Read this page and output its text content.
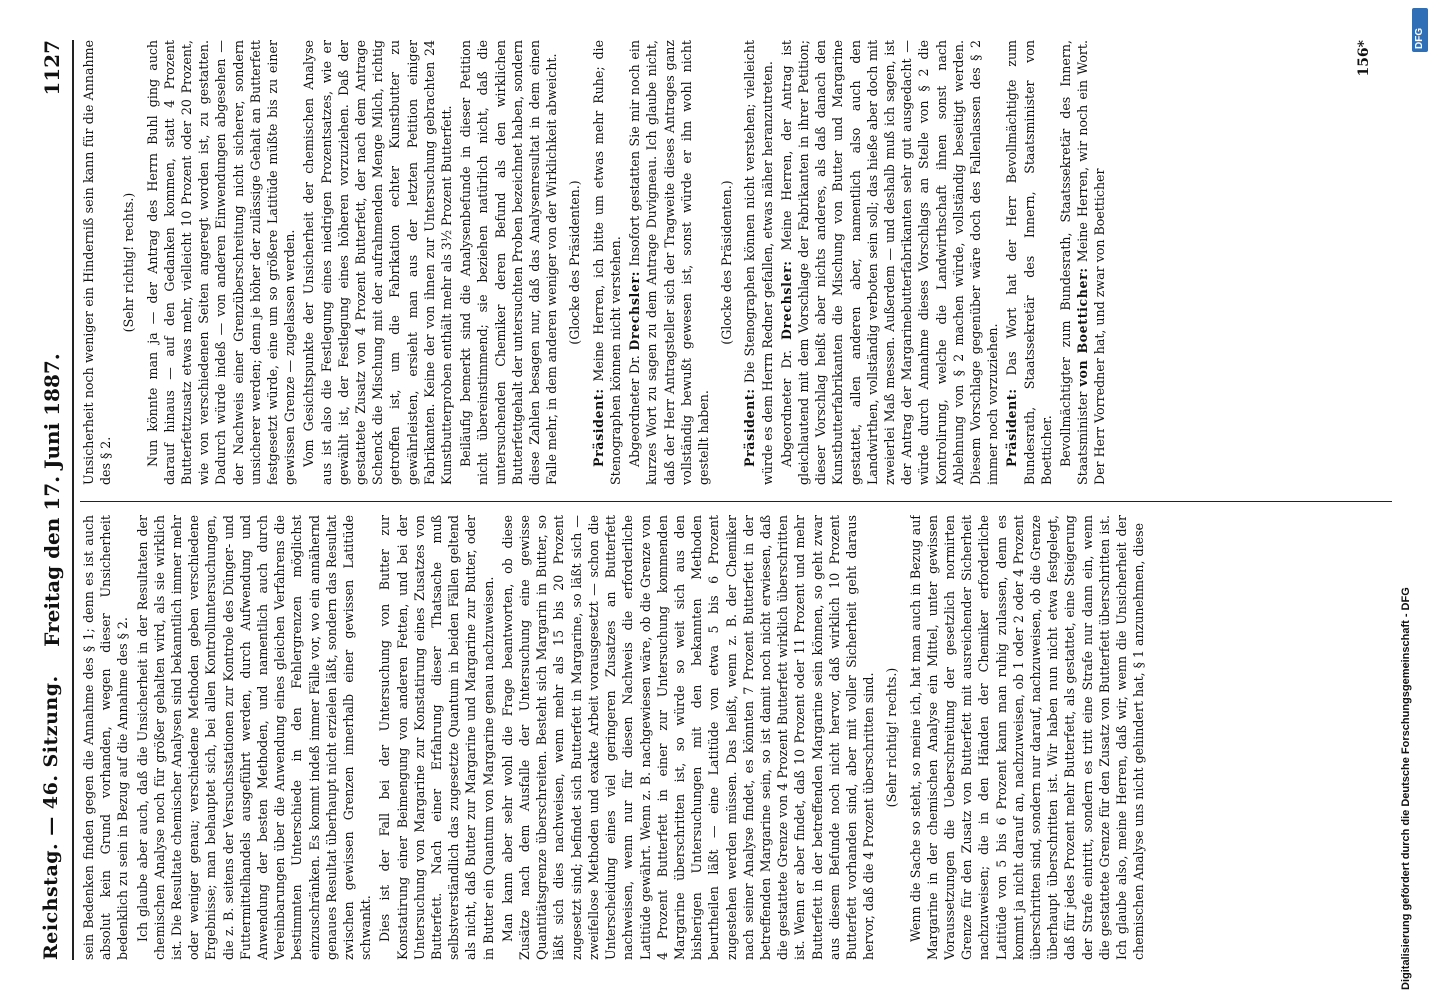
Reichstag. — 46. Sitzung.
Freitag den 17. Juni 1887.
1127

sein Bedenken finden gegen die Annahme des § 1; denn es ist auch absolut kein Grund vorhanden, wegen dieser Unsicherheit bedenklich zu sein in Bezug auf die Annahme des § 2. Ich glaube aber auch, daß die Unsicherheit in der Resultaten der chemischen Analyse noch für größer gehalten wird, als sie wirklich ist. Die Resultate chemischer Analysen sind bekanntlich immer mehr oder weniger genau; verschiedene Methoden geben verschiedene Ergebnisse; man behauptet sich, bei allen Kontrolluntersuchungen, die z. B. seitens der Versuchsstationen zur Kontrole des Dünger- und Futtermittelhandels ausgeführt werden, durch Aufwendung und Anwendung der besten Methoden, und namentlich auch durch Vereinbarungen über die Anwendung eines gleichen Verfahrens die bestimmten Unterschiede in den Fehlergrenzen möglichst einzuschränken. Es kommt indeß immer Fälle vor, wo ein annähernd genaues Resultat überhaupt nicht erzielen läßt, sondern das Resultat zwischen gewissen Grenzen innerhalb einer gewissen Latitüde schwankt. Dies ist der Fall bei der Untersuchung von Butter zur Konstatirung einer Beimengung von anderen Fetten, und bei der Untersuchung von Margarine zur Konstatirung eines Zusatzes von Butterfett. Nach einer Erfahrung dieser Thatsache muß selbstverständlich das zugesetzte Quantum in beiden Fällen geltend als nicht, daß Butter zur Margarine und Margarine zur Butter, oder in Butter ein Quantum von Margarine genau nachzuweisen. Man kann aber sehr wohl die Frage beantworten, ob diese Zusätze nach dem Ausfalle der Untersuchung eine gewisse Quantitätsgrenze überschreiten. Besteht sich Margarin in Butter, so läßt sich dies nachweisen, wenn mehr als 15 bis 20 Prozent zugesetzt sind; befindet sich Butterfett in Margarine, so läßt sich — zweifellose Methoden und exakte Arbeit vorausgesetzt — schon die Unterscheidung eines viel geringeren Zusatzes an Butterfett nachweisen, wenn nur für diesen Nachweis die erforderliche Latitüde gewährt. Wenn z. B. nachgewiesen wäre, ob die Grenze von 4 Prozent Butterfett in einer zur Untersuchung kommenden Margarine überschritten ist, so würde so weit sich aus den bisherigen Untersuchungen mit den bekannten Methoden beurtheilen läßt — eine Latitüde von etwa 5 bis 6 Prozent zugestehen werden müssen. Das heißt, wenn z. B. der Chemiker nach seiner Analyse findet, es könnten 7 Prozent Butterfett in der betreffenden Margarine sein, so ist damit noch nicht erwiesen, daß die gestattete Grenze von 4 Prozent Butterfett wirklich überschritten ist. Wenn er aber findet, daß 10 Prozent oder 11 Prozent und mehr Butterfett in der betreffenden Margarine sein können, so geht zwar aus diesem Befunde noch nicht hervor, daß wirklich 10 Prozent Butterfett vorhanden sind, aber mit voller Sicherheit geht daraus hervor, daß die 4 Prozent überschritten sind. (Sehr richtig! rechts.) Wenn die Sache so steht, so meine ich, hat man auch in Bezug auf Margarine in der chemischen Analyse ein Mittel, unter gewissen Voraussetzungen die Ueberschreitung der gesetzlich normirten Grenze für den Zusatz von Butterfett mit ausreichender Sicherheit nachzuweisen; die in den Händen der Chemiker erforderliche Latitüde von 5 bis 6 Prozent kann man ruhig zulassen, denn es kommt ja nicht darauf an, nachzuweisen, ob 1 oder 2 oder 4 Prozent überschritten sind, sondern nur darauf, nachzuweisen, ob die Grenze überhaupt überschritten ist. Wir haben nun nicht etwa festgelegt, daß für jedes Prozent mehr Butterfett, als gestattet, eine Steigerung der Strafe eintritt, sondern es tritt eine Strafe nur dann ein, wenn die gestattete Grenze für den Zusatz von Butterfett überschritten ist. Ich glaube also, meine Herren, daß wir, wenn die Unsicherheit der chemischen Analyse uns nicht gehindert hat, § 1 anzunehmen, diese

Unsicherheit noch weniger ein Hinderniß sein kann für die Annahme des § 2.

(Sehr richtig! rechts.) Nun könnte man ja — der Antrag des Herrn Buhl ging auch darauf hinaus — auf den Gedanken kommen, statt 4 Prozent Butterfettzusatz etwas mehr, vielleicht 10 Prozent oder 20 Prozent, wie von verschiedenen Seiten angeregt worden ist, zu gestatten. Dadurch würde indeß — von anderen Einwendungen abgesehen — der Nachweis einer Grenzüberschreitung nicht sicherer, sondern unsicherer werden; denn je höher der zulässige Gehalt an Butterfett festgesetzt würde, eine um so größere Latitüde müßte bis zu einer gewissen Grenze — zugelassen werden. Vom Gesichtspunkte der Unsicherheit der chemischen Analyse aus ist also die Festlegung eines niedrigen Prozentsatzes, wie er gewählt ist, der Festlegung eines höheren vorzuziehen. Daß der gestattete Zusatz von 4 Prozent Butterfett, der nach dem Antrage Schenck die Mischung mit der aufrahmenden Menge Milch, richtig getroffen ist, um die Fabrikation echter Kunstbutter zu gewährleisten, ersieht man aus der letzten Petition einiger Fabrikanten. Keine der von ihnen zur Untersuchung gebrachten 24 Kunstbutterproben enthält mehr als 3½ Prozent Butterfett. Beiläufig bemerkt sind die Analysenbefunde in dieser Petition nicht übereinstimmend; sie beziehen natürlich nicht, daß die untersuchenden Chemiker deren Befund als den wirklichen Butterfettgehalt der untersuchten Proben bezeichnet haben, sondern diese Zahlen besagen nur, daß das Analysenresultat in dem einen Falle mehr, in dem anderen weniger von der Wirklichkeit abweicht. (Glocke des Präsidenten.)

Präsident: Meine Herren, ich bitte um etwas mehr Ruhe; die Stenographen können nicht verstehen. Abgeordneter Dr. Drechsler: Insofort gestatten Sie mir noch ein kurzes Wort zu sagen zu dem Antrage Duvigneau. Ich glaube nicht, daß der Herr Antragsteller sich der Tragweite dieses Antrages ganz vollständig bewußt gewesen ist, sonst würde er ihn wohl nicht gestellt haben.

(Glocke des Präsidenten.)

Präsident: Die Stenographen können nicht verstehen; vielleicht würde es dem Herrn Redner gefallen, etwas näher heranzutreten. Abgeordneter Dr. Drechsler: Meine Herren, der Antrag ist gleichlautend mit dem Vorschlage der Fabrikanten in ihrer Petition; dieser Vorschlag heißt aber nichts anderes, als daß danach den Kunstbutterfabrikanten die Mischung von Butter und Margarine gestattet, allen anderen aber, namentlich also auch den Landwirthen, vollständig verboten sein soll; das hieße aber doch mit zweierlei Maß messen. Außerdem — und deshalb muß ich sagen, ist der Antrag der Margarinebutterfabrikanten sehr gut ausgedacht — würde durch Annahme dieses Vorschlags an Stelle von § 2 die Kontrolirung, welche die Landwirthschaft ihnen sonst nach Ablehnung von § 2 machen würde, vollständig beseitigt werden. Diesem Vorschlage gegenüber wäre doch des Fallenlassen des § 2 immer noch vorzuziehen. Präsident: Das Wort hat der Herr Bevollmächtigte zum Bundesrath, Staatssekretär des Innern, Staatsminister von Boetticher. Bevollmächtigter zum Bundesrath, Staatssekretär des Innern, Staatsminister von Boetticher: Meine Herren, wir noch ein Wort. Der Herr Vorredner hat, und zwar von Boetticher

156*
Digitalisierung gefördert durch die Deutsche Forschungsgemeinschaft - DFG
DFG
